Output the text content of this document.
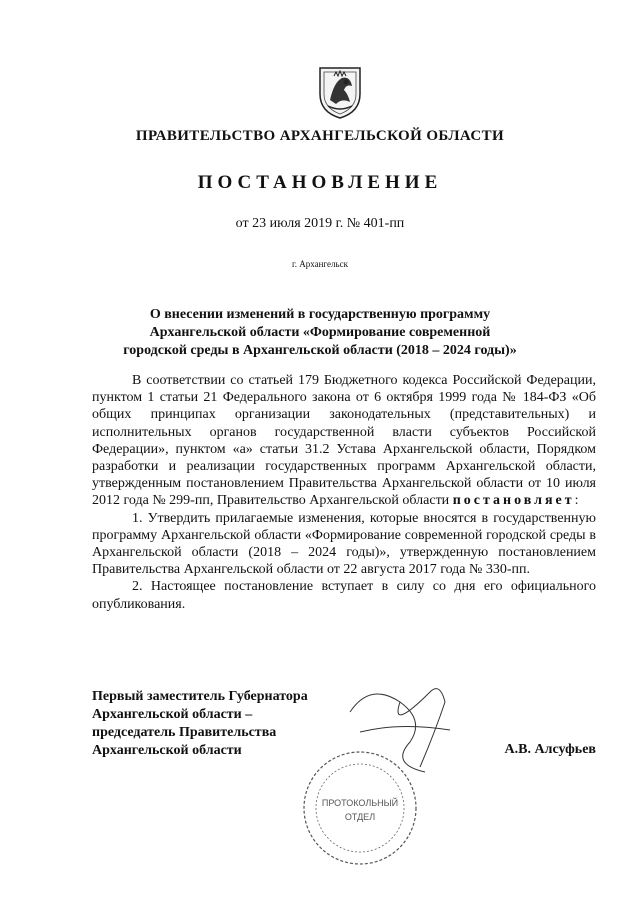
ПРАВИТЕЛЬСТВО АРХАНГЕЛЬСКОЙ ОБЛАСТИ
ПОСТАНОВЛЕНИЕ
от 23 июля 2019 г. № 401-пп
г. Архангельск
О внесении изменений в государственную программу
Архангельской области «Формирование современной
городской среды в Архангельской области (2018 – 2024 годы)»

В соответствии со статьей 179 Бюджетного кодекса Российской Федерации, пунктом 1 статьи 21 Федерального закона от 6 октября 1999 года № 184-ФЗ «Об общих принципах организации законодательных (представительных) и исполнительных органов государственной власти субъектов Российской Федерации», пунктом «а» статьи 31.2 Устава Архангельской области, Порядком разработки и реализации государственных программ Архангельской области, утвержденным постановлением Правительства Архангельской области от 10 июля 2012 года № 299-пп, Правительство Архангельской области постановляет:

1. Утвердить прилагаемые изменения, которые вносятся в государственную программу Архангельской области «Формирование современной городской среды в Архангельской области (2018 – 2024 годы)», утвержденную постановлением Правительства Архангельской области от 22 августа 2017 года № 330-пп.

2. Настоящее постановление вступает в силу со дня его официального опубликования.

ПРОТОКОЛЬНЫЙ
ОТДЕЛ
Первый заместитель Губернатора
Архангельской области –
председатель Правительства
Архангельской области	А.В. Алсуфьев
